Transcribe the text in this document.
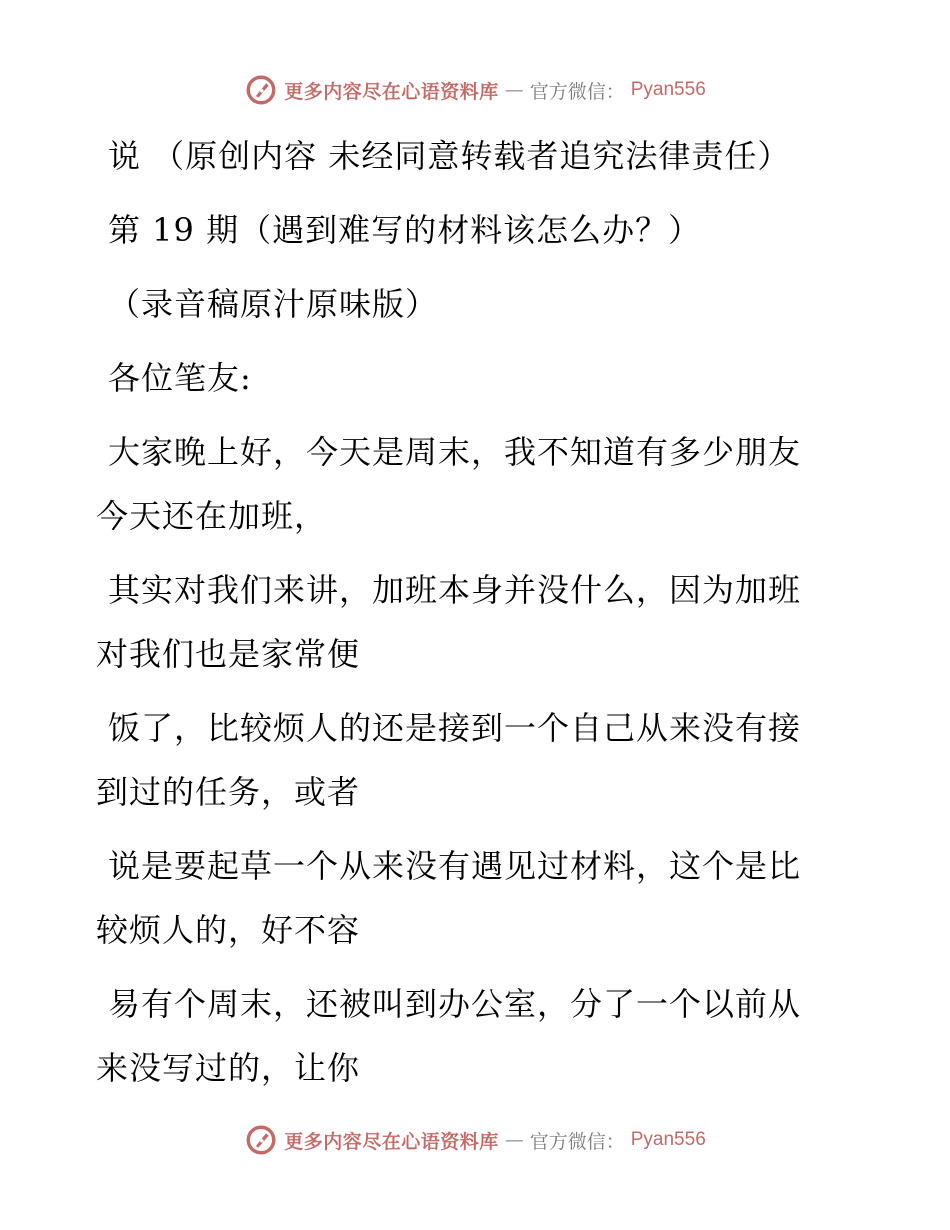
更多内容尽在心语资料库 — 官方微信： Pyan556
说 （原创内容 未经同意转载者追究法律责任）
第 19 期（遇到难写的材料该怎么办？）
（录音稿原汁原味版）
各位笔友:
大家晚上好，今天是周末，我不知道有多少朋友
今天还在加班，
其实对我们来讲，加班本身并没什么，因为加班
对我们也是家常便
饭了，比较烦人的还是接到一个自己从来没有接
到过的任务，或者
说是要起草一个从来没有遇见过材料，这个是比
较烦人的，好不容
易有个周末，还被叫到办公室，分了一个以前从
来没写过的，让你
更多内容尽在心语资料库 — 官方微信： Pyan556
